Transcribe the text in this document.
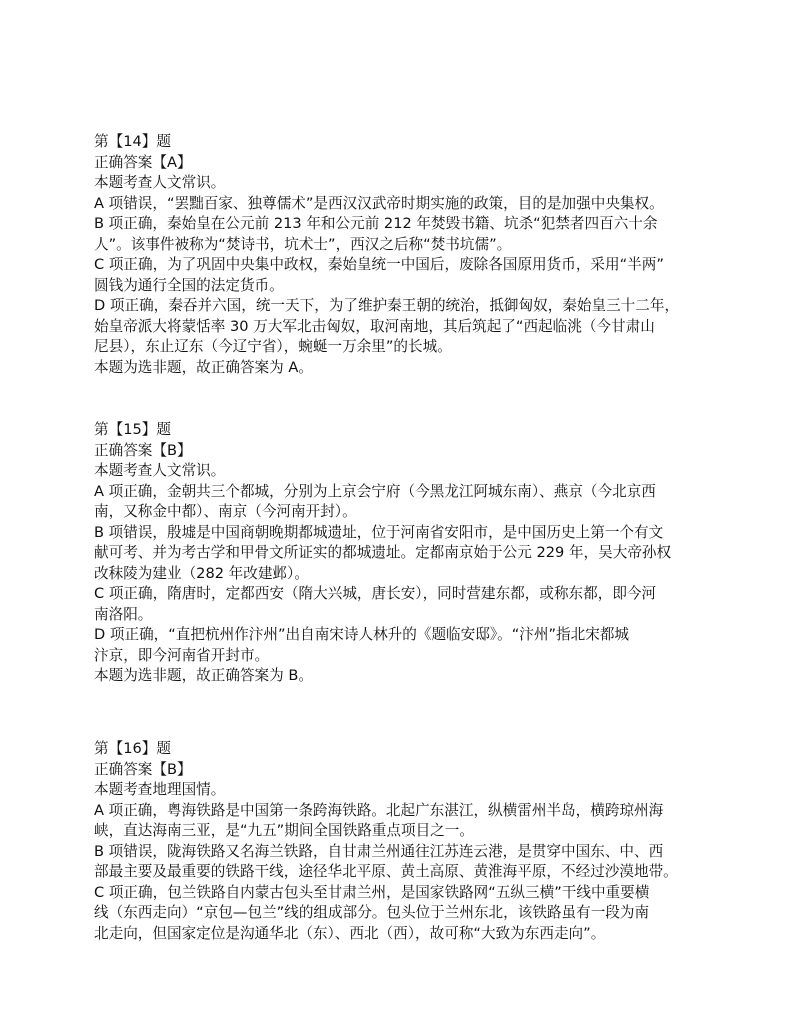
第【14】题
正确答案【A】
本题考查人文常识。
A 项错误，“罢黜百家、独尊儒术”是西汉汉武帝时期实施的政策，目的是加强中央集权。
B 项正确，秦始皇在公元前 213 年和公元前 212 年焚毁书籍、坑杀“犯禁者四百六十余
人”。该事件被称为“焚诗书，坑术士”，西汉之后称“焚书坑儒”。
C 项正确，为了巩固中央集中政权，秦始皇统一中国后，废除各国原用货币，采用“半两”
圆钱为通行全国的法定货币。
D 项正确，秦吞并六国，统一天下，为了维护秦王朝的统治，抵御匈奴，秦始皇三十二年，
始皇帝派大将蒙恬率 30 万大军北击匈奴，取河南地，其后筑起了“西起临洮（今甘肃山
尼县），东止辽东（今辽宁省），蜿蜒一万余里”的长城。
本题为选非题，故正确答案为 A。
第【15】题
正确答案【B】
本题考查人文常识。
A 项正确，金朝共三个都城，分别为上京会宁府（今黑龙江阿城东南）、燕京（今北京西
南，又称金中都）、南京（今河南开封）。
B 项错误，殷墟是中国商朝晚期都城遗址，位于河南省安阳市，是中国历史上第一个有文
献可考、并为考古学和甲骨文所证实的都城遗址。定都南京始于公元 229 年，吴大帝孙权
改秣陵为建业（282 年改建邺）。
C 项正确，隋唐时，定都西安（隋大兴城，唐长安），同时营建东都，或称东都，即今河
南洛阳。
D 项正确，“直把杭州作汴州”出自南宋诗人林升的《题临安邸》。“汴州”指北宋都城
汴京，即今河南省开封市。
本题为选非题，故正确答案为 B。
第【16】题
正确答案【B】
本题考查地理国情。
A 项正确，粤海铁路是中国第一条跨海铁路。北起广东湛江，纵横雷州半岛，横跨琼州海
峡，直达海南三亚，是“九五”期间全国铁路重点项目之一。
B 项错误，陇海铁路又名海兰铁路，自甘肃兰州通往江苏连云港，是贯穿中国东、中、西
部最主要及最重要的铁路干线，途径华北平原、黄土高原、黄淮海平原，不经过沙漠地带。
C 项正确，包兰铁路自内蒙古包头至甘肃兰州，是国家铁路网“五纵三横”干线中重要横
线（东西走向）“京包—包兰”线的组成部分。包头位于兰州东北，该铁路虽有一段为南
北走向，但国家定位是沟通华北（东）、西北（西），故可称“大致为东西走向”。
